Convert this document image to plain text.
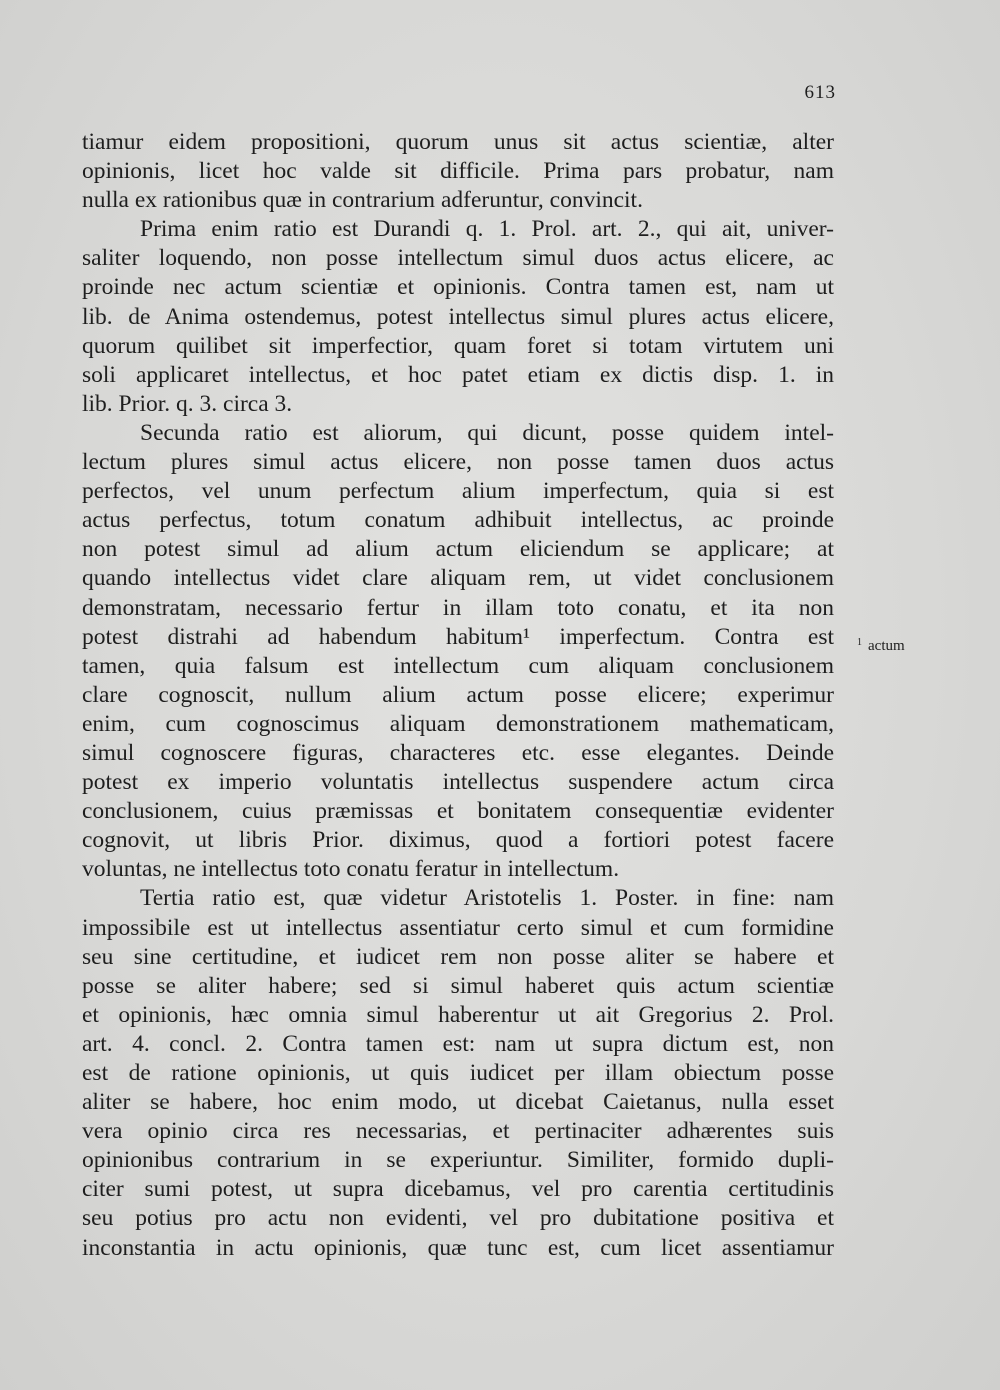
613
tiamur eidem propositioni, quorum unus sit actus scientiæ, alter
opinionis, licet hoc valde sit difficile. Prima pars probatur, nam
nulla ex rationibus quæ in contrarium adferuntur, convincit.
Prima enim ratio est Durandi q. 1. Prol. art. 2., qui ait, univer-
saliter loquendo, non posse intellectum simul duos actus elicere, ac
proinde nec actum scientiæ et opinionis. Contra tamen est, nam ut
lib. de Anima ostendemus, potest intellectus simul plures actus elicere,
quorum quilibet sit imperfectior, quam foret si totam virtutem uni
soli applicaret intellectus, et hoc patet etiam ex dictis disp. 1. in
lib. Prior. q. 3. circa 3.
Secunda ratio est aliorum, qui dicunt, posse quidem intel-
lectum plures simul actus elicere, non posse tamen duos actus
perfectos, vel unum perfectum alium imperfectum, quia si est
actus perfectus, totum conatum adhibuit intellectus, ac proinde
non potest simul ad alium actum eliciendum se applicare; at
quando intellectus videt clare aliquam rem, ut videt conclusionem
demonstratam, necessario fertur in illam toto conatu, et ita non
potest distrahi ad habendum habitum¹ imperfectum. Contra est
tamen, quia falsum est intellectum cum aliquam conclusionem
clare cognoscit, nullum alium actum posse elicere; experimur
enim, cum cognoscimus aliquam demonstrationem mathematicam,
simul cognoscere figuras, characteres etc. esse elegantes. Deinde
potest ex imperio voluntatis intellectus suspendere actum circa
conclusionem, cuius præmissas et bonitatem consequentiæ evidenter
cognovit, ut libris Prior. diximus, quod a fortiori potest facere
voluntas, ne intellectus toto conatu feratur in intellectum.
Tertia ratio est, quæ videtur Aristotelis 1. Poster. in fine: nam
impossibile est ut intellectus assentiatur certo simul et cum formidine
seu sine certitudine, et iudicet rem non posse aliter se habere et
posse se aliter habere; sed si simul haberet quis actum scientiæ
et opinionis, hæc omnia simul haberentur ut ait Gregorius 2. Prol.
art. 4. concl. 2. Contra tamen est: nam ut supra dictum est, non
est de ratione opinionis, ut quis iudicet per illam obiectum posse
aliter se habere, hoc enim modo, ut dicebat Caietanus, nulla esset
vera opinio circa res necessarias, et pertinaciter adhærentes suis
opinionibus contrarium in se experiuntur. Similiter, formido dupli-
citer sumi potest, ut supra dicebamus, vel pro carentia certitudinis
seu potius pro actu non evidenti, vel pro dubitatione positiva et
inconstantia in actu opinionis, quæ tunc est, cum licet assentiamur
$^1$ actum
